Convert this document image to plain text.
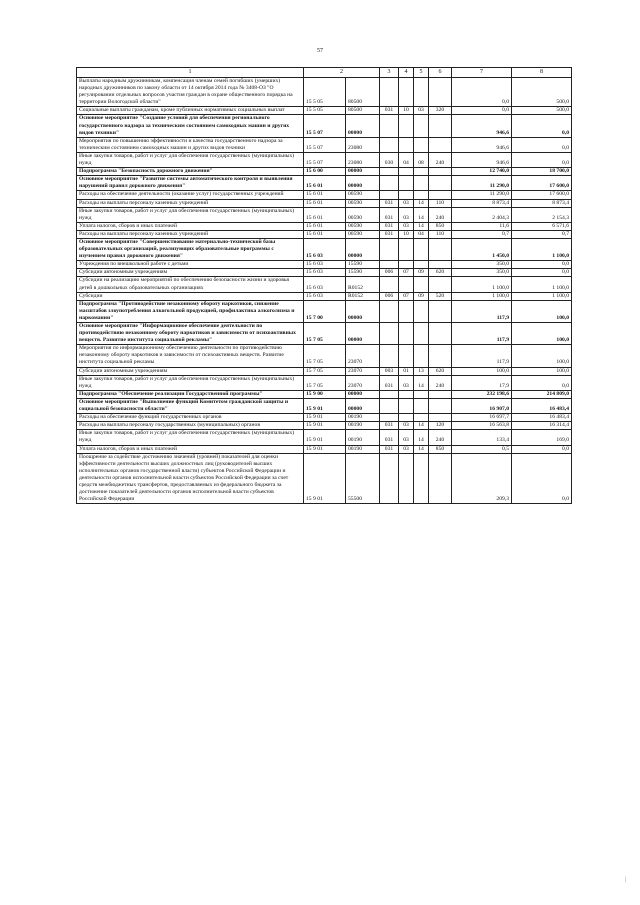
57
1	2		3	4	5	6	7	8
Выплаты народным дружинникам, компенсация членам семей погибших (умерших) народных дружинников по закону области от 14 октября 2014 года № 3408-ОЗ "О регулировании отдельных вопросов участия граждан в охране общественного порядка на территории Вологодской области"	15 5 05	80500					0,0	500,0
Социальные выплаты гражданам, кроме публичных нормативных социальных выплат	15 5 05	80500	031	10	03	320	0,0	500,0
Основное мероприятие "Создание условий для обеспечения регионального государственного надзора за техническим состоянием самоходных машин и других видов техники"	15 5 07	00000					946,6	0,0
Мероприятия по повышению эффективности и качества государственного надзора за техническим состоянием самоходных машин и других видов техники	15 5 07	23080					946,6	0,0
Иные закупки товаров, работ и услуг для обеспечения государственных (муниципальных) нужд	15 5 07	23080	030	04	08	240	946,6	0,0
Подпрограмма "Безопасность дорожного движения"	15 6 00	00000					12 740,0	18 700,0
Основное мероприятие "Развитие системы автоматического контроля и выявления нарушений правил дорожного движения"	15 6 01	00000					11 290,0	17 600,0
Расходы на обеспечение деятельности (оказание услуг) государственных учреждений	15 6 01	00590					11 290,0	17 600,0
Расходы на выплаты персоналу казенных учреждений	15 6 01	00590	031	03	14	110	8 873,4	8 873,4
Иные закупки товаров, работ и услуг для обеспечения государственных (муниципальных) нужд	15 6 01	00590	031	03	14	240	2 404,3	2 154,3
Уплата налогов, сборов и иных платежей	15 6 01	00590	031	03	14	850	11,6	6 571,6
Расходы на выплаты персоналу казенных учреждений	15 6 01	00590	031	10	04	110	0,7	0,7
Основное мероприятие "Совершенствование материально-технической базы образовательных организаций, реализующих образовательные программы с изучением правил дорожного движения"	15 6 03	00000					1 450,0	1 100,0
Учреждения по внешкольной работе с детьми	15 6 03	15590					350,0	0,0
Субсидии автономным учреждениям	15 6 03	15590	006	07	09	620	350,0	0,0
Субсидии на реализацию мероприятий по обеспечению безопасности жизни и здоровья детей в дошкольных образовательных организациях	15 6 03	R0152					1 100,0	1 100,0
Субсидии	15 6 03	R0152	006	07	09	520	1 100,0	1 100,0
Подпрограмма "Противодействие незаконному обороту наркотиков, снижение масштабов злоупотребления алкогольной продукцией, профилактика алкоголизма и наркомании"	15 7 00	00000					117,9	100,0
Основное мероприятие "Информационное обеспечение деятельности по противодействию незаконному обороту наркотиков и зависимости от психоактивных веществ. Развитие института социальной рекламы"	15 7 05	00000					117,9	100,0
Мероприятия по информационному обеспечению деятельности по противодействию незаконному обороту наркотиков и зависимости от психоактивных веществ. Развитие института социальной рекламы	15 7 05	23070					117,9	100,0
Субсидии автономным учреждениям	15 7 05	23070	003	01	13	620	100,0	100,0
Иные закупки товаров, работ и услуг для обеспечения государственных (муниципальных) нужд	15 7 05	23070	031	03	14	240	17,9	0,0
Подпрограмма "Обеспечение реализации Государственной программы"	15 9 00	00000					232 198,6	214 809,0
Основное мероприятие "Выполнение функций Комитетом гражданской защиты и социальной безопасности области"	15 9 01	00000					16 907,0	16 483,4
Расходы на обеспечение функций государственных органов	15 9 01	00190					16 697,7	16 483,4
Расходы на выплаты персоналу государственных (муниципальных) органов	15 9 01	00190	031	03	14	120	16 563,8	16 314,4
Иные закупки товаров, работ и услуг для обеспечения государственных (муниципальных) нужд	15 9 01	00190	031	03	14	240	133,4	169,0
Уплата налогов, сборов и иных платежей	15 9 01	00190	031	03	14	850	0,5	0,0
Поощрение за содействие достижению значений (уровней) показателей для оценки эффективности деятельности высших должностных лиц (руководителей высших исполнительных органов государственной власти) субъектов Российской Федерации и деятельности органов исполнительной власти субъектов Российской Федерации за счет средств межбюджетных трансфертов, предоставляемых из федерального бюджета за достижение показателей деятельности органов исполнительной власти субъектов Российской Федерации	15 9 01	55500					209,3	0,0
|
